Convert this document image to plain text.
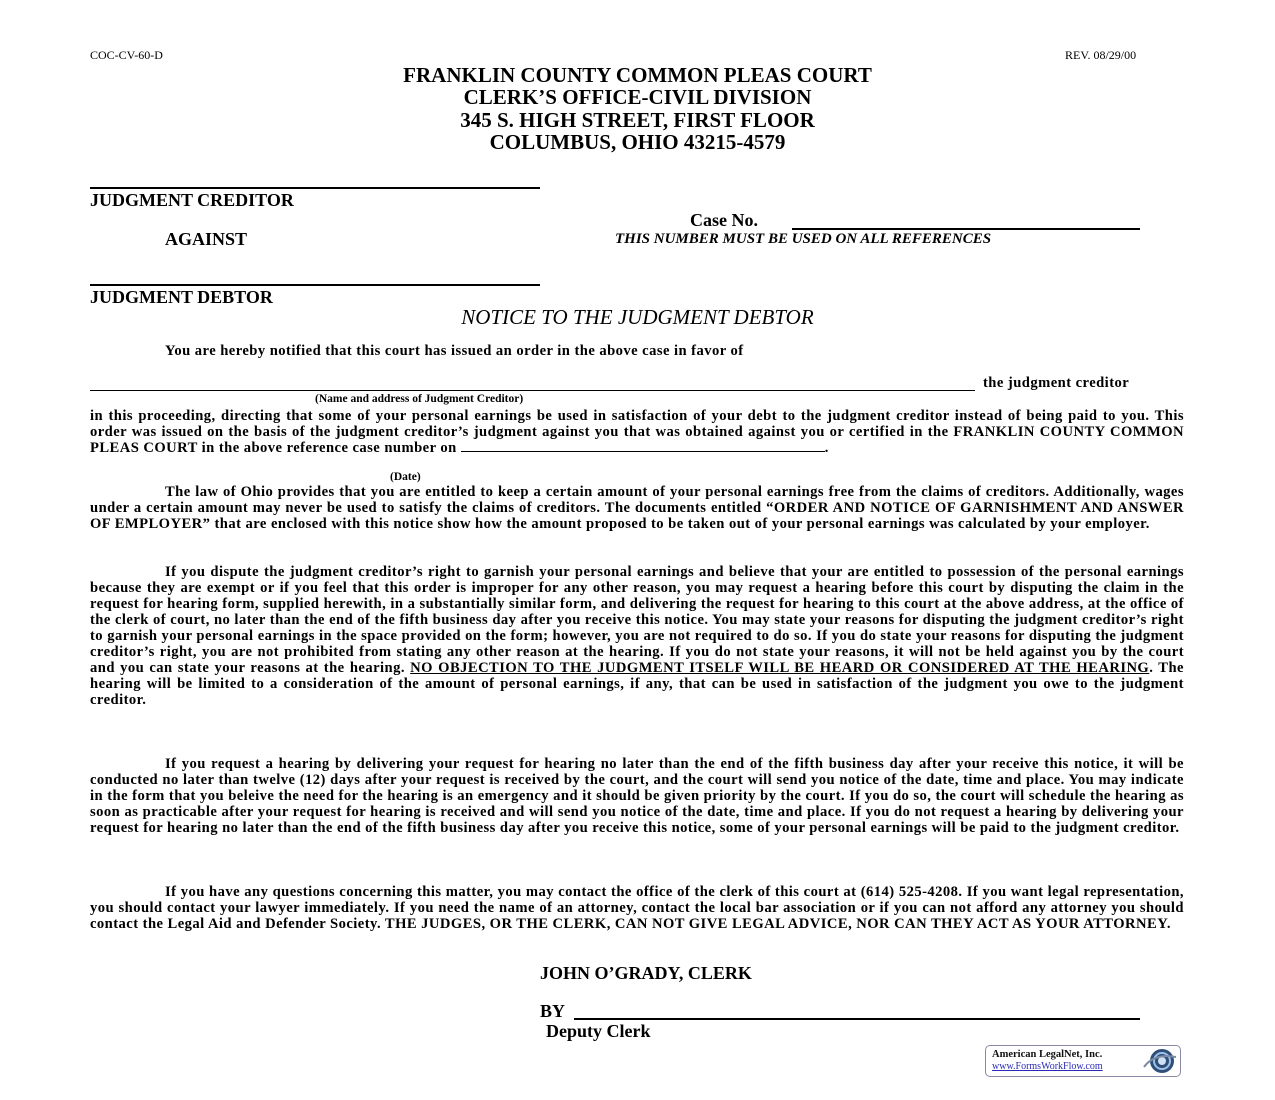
COC-CV-60-D	REV. 08/29/00
FRANKLIN COUNTY COMMON PLEAS COURT
CLERK’S OFFICE-CIVIL DIVISION
345 S. HIGH STREET, FIRST FLOOR
COLUMBUS, OHIO 43215-4579
JUDGMENT CREDITOR
Case No.
THIS NUMBER MUST BE USED ON ALL REFERENCES
AGAINST
JUDGMENT DEBTOR
NOTICE TO THE JUDGMENT DEBTOR
You are hereby notified that this court has issued an order in the above case in favor of
the judgment creditor
(Name and address of Judgment Creditor)

in this proceeding, directing that some of your personal earnings be used in satisfaction of your debt to the judgment creditor instead of being paid to you. This order was issued on the basis of the judgment creditor’s judgment against you that was obtained against you or certified in the FRANKLIN COUNTY COMMON PLEAS COURT in the above reference case number on	.

(Date)

The law of Ohio provides that you are entitled to keep a certain amount of your personal earnings free from the claims of creditors. Additionally, wages under a certain amount may never be used to satisfy the claims of creditors. The documents entitled “ORDER AND NOTICE OF GARNISHMENT AND ANSWER OF EMPLOYER” that are enclosed with this notice show how the amount proposed to be taken out of your personal earnings was calculated by your employer.

If you dispute the judgment creditor’s right to garnish your personal earnings and believe that your are entitled to possession of the personal earnings because they are exempt or if you feel that this order is improper for any other reason, you may request a hearing before this court by disputing the claim in the request for hearing form, supplied herewith, in a substantially similar form, and delivering the request for hearing to this court at the above address, at the office of the clerk of court, no later than the end of the fifth business day after you receive this notice. You may state your reasons for disputing the judgment creditor’s right to garnish your personal earnings in the space provided on the form; however, you are not required to do so. If you do state your reasons for disputing the judgment creditor’s right, you are not prohibited from stating any other reason at the hearing. If you do not state your reasons, it will not be held against you by the court and you can state your reasons at the hearing. NO OBJECTION TO THE JUDGMENT ITSELF WILL BE HEARD OR CONSIDERED AT THE HEARING. The hearing will be limited to a consideration of the amount of personal earnings, if any, that can be used in satisfaction of the judgment you owe to the judgment creditor.

If you request a hearing by delivering your request for hearing no later than the end of the fifth business day after your receive this notice, it will be conducted no later than twelve (12) days after your request is received by the court, and the court will send you notice of the date, time and place. You may indicate in the form that you beleive the need for the hearing is an emergency and it should be given priority by the court. If you do so, the court will schedule the hearing as soon as practicable after your request for hearing is received and will send you notice of the date, time and place. If you do not request a hearing by delivering your request for hearing no later than the end of the fifth business day after you receive this notice, some of your personal earnings will be paid to the judgment creditor.

If you have any questions concerning this matter, you may contact the office of the clerk of this court at (614) 525-4208. If you want legal representation, you should contact your lawyer immediately. If you need the name of an attorney, contact the local bar association or if you can not afford any attorney you should contact the Legal Aid and Defender Society. THE JUDGES, OR THE CLERK, CAN NOT GIVE LEGAL ADVICE, NOR CAN THEY ACT AS YOUR ATTORNEY.

JOHN O’GRADY, CLERK
BY
Deputy Clerk
American LegalNet, Inc.
www.FormsWorkFlow.com
